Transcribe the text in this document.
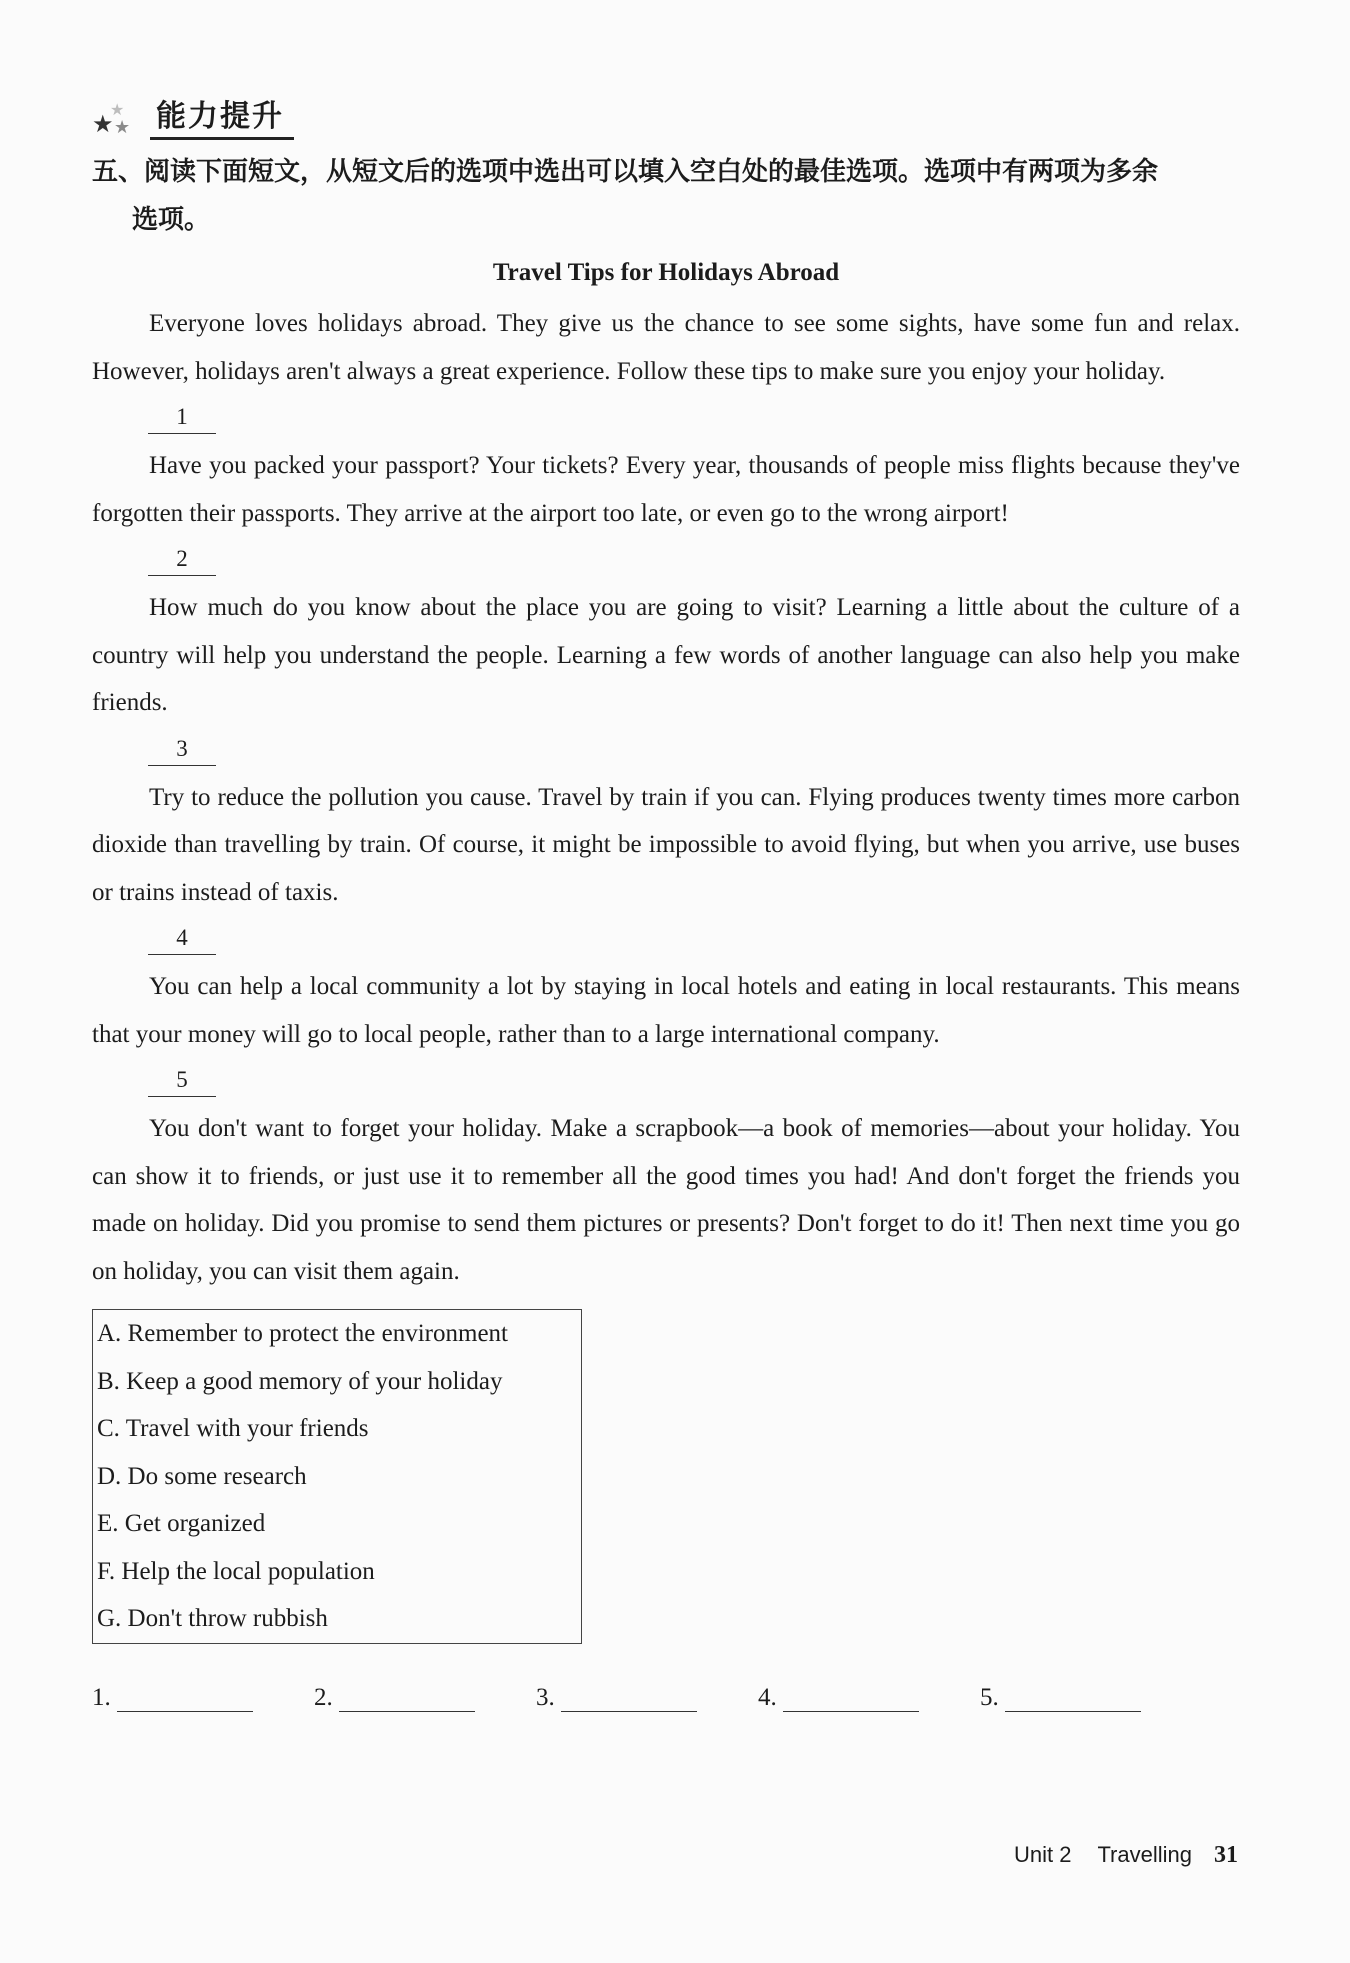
★
★ ★ 能力提升

五、阅读下面短文，从短文后的选项中选出可以填入空白处的最佳选项。选项中有两项为多余
选项。

Travel Tips for Holidays Abroad

Everyone loves holidays abroad. They give us the chance to see some sights, have some fun and relax. However, holidays aren't always a great experience. Follow these tips to make sure you enjoy your holiday.

1

Have you packed your passport? Your tickets? Every year, thousands of people miss flights because they've forgotten their passports. They arrive at the airport too late, or even go to the wrong airport!

2

How much do you know about the place you are going to visit? Learning a little about the culture of a country will help you understand the people. Learning a few words of another language can also help you make friends.

3

Try to reduce the pollution you cause. Travel by train if you can. Flying produces twenty times more carbon dioxide than travelling by train. Of course, it might be impossible to avoid flying, but when you arrive, use buses or trains instead of taxis.

4

You can help a local community a lot by staying in local hotels and eating in local restaurants. This means that your money will go to local people, rather than to a large international company.

5

You don't want to forget your holiday. Make a scrapbook—a book of memories—about your holiday. You can show it to friends, or just use it to remember all the good times you had! And don't forget the friends you made on holiday. Did you promise to send them pictures or presents? Don't forget to do it! Then next time you go on holiday, you can visit them again.

A. Remember to protect the environment
B. Keep a good memory of your holiday
C. Travel with your friends
D. Do some research
E. Get organized
F. Help the local population
G. Don't throw rubbish
1.	2.	3.	4.	5.
Unit 2 Travelling 31
